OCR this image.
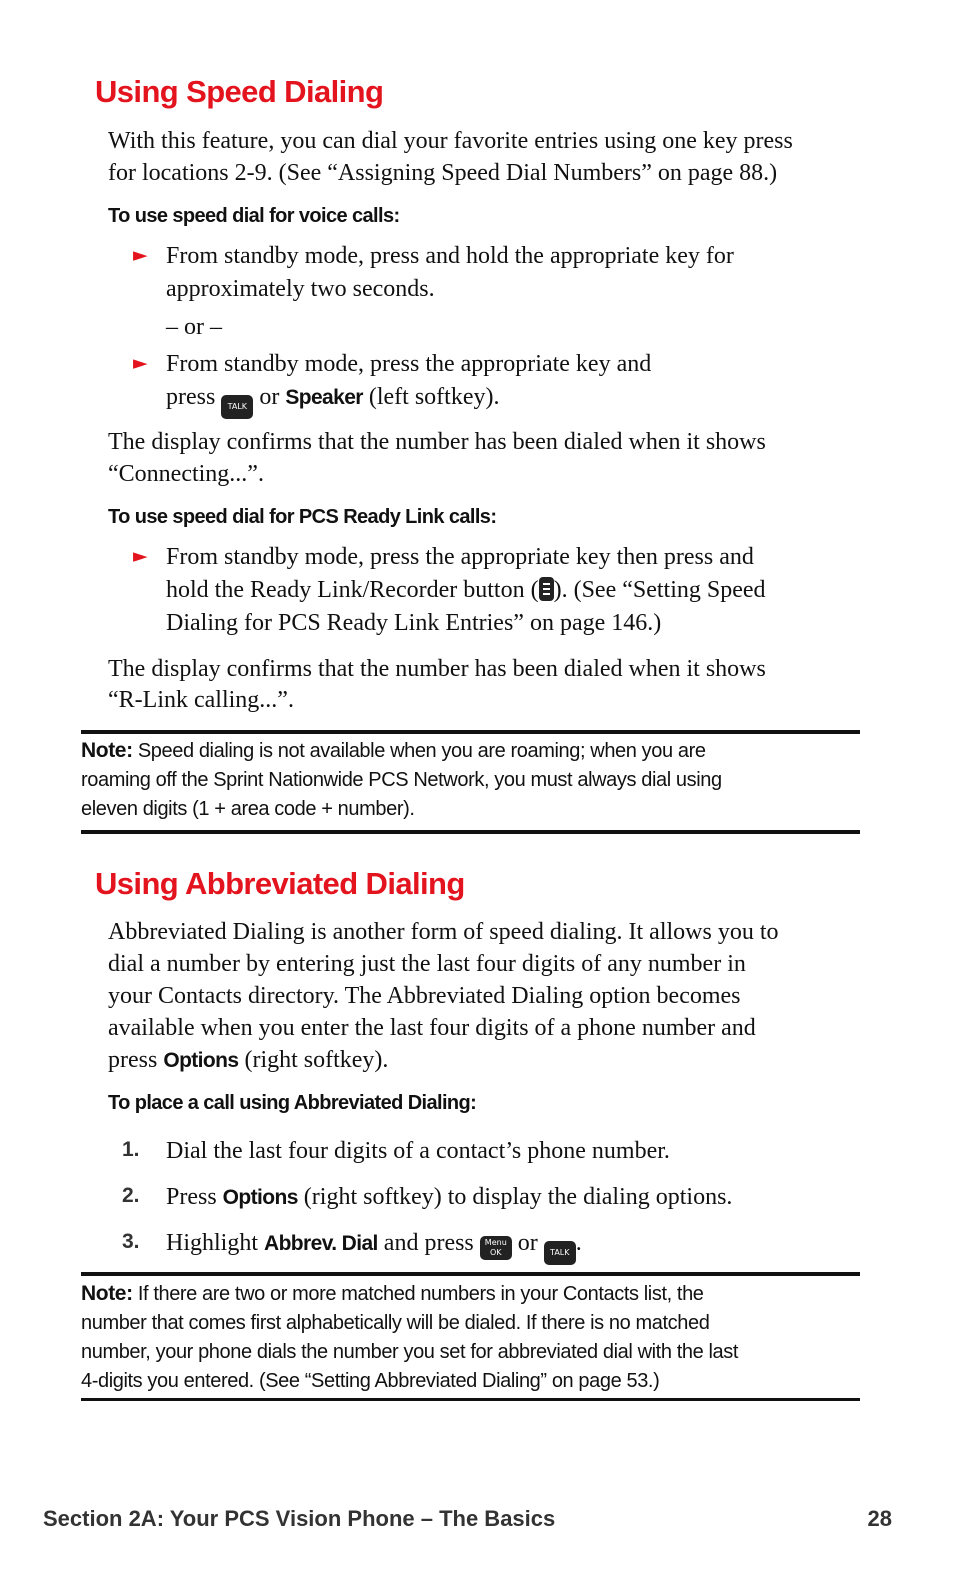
Using Speed Dialing
With this feature, you can dial your favorite entries using one key press
for locations 2-9. (See “Assigning Speed Dial Numbers” on page 88.)
To use speed dial for voice calls:
► From standby mode, press and hold the appropriate key for
approximately two seconds.
– or –
► From standby mode, press the appropriate key and
press TALK or Speaker (left softkey).
The display confirms that the number has been dialed when it shows
“Connecting...”.
To use speed dial for PCS Ready Link calls:
► From standby mode, press the appropriate key then press and
hold the Ready Link/Recorder button ( ). (See “Setting Speed
Dialing for PCS Ready Link Entries” on page 146.)
The display confirms that the number has been dialed when it shows
“R-Link calling...”.
Note: Speed dialing is not available when you are roaming; when you are
roaming off the Sprint Nationwide PCS Network, you must always dial using
eleven digits (1 + area code + number).
Using Abbreviated Dialing
Abbreviated Dialing is another form of speed dialing. It allows you to
dial a number by entering just the last four digits of any number in
your Contacts directory. The Abbreviated Dialing option becomes
available when you enter the last four digits of a phone number and
press Options (right softkey).
To place a call using Abbreviated Dialing:
1. Dial the last four digits of a contact’s phone number.
2. Press Options (right softkey) to display the dialing options.
3. Highlight Abbrev. Dial and press Menu
OK or TALK .
Note: If there are two or more matched numbers in your Contacts list, the
number that comes first alphabetically will be dialed. If there is no matched
number, your phone dials the number you set for abbreviated dial with the last
4-digits you entered. (See “Setting Abbreviated Dialing” on page 53.)
Section 2A: Your PCS Vision Phone – The Basics	28
